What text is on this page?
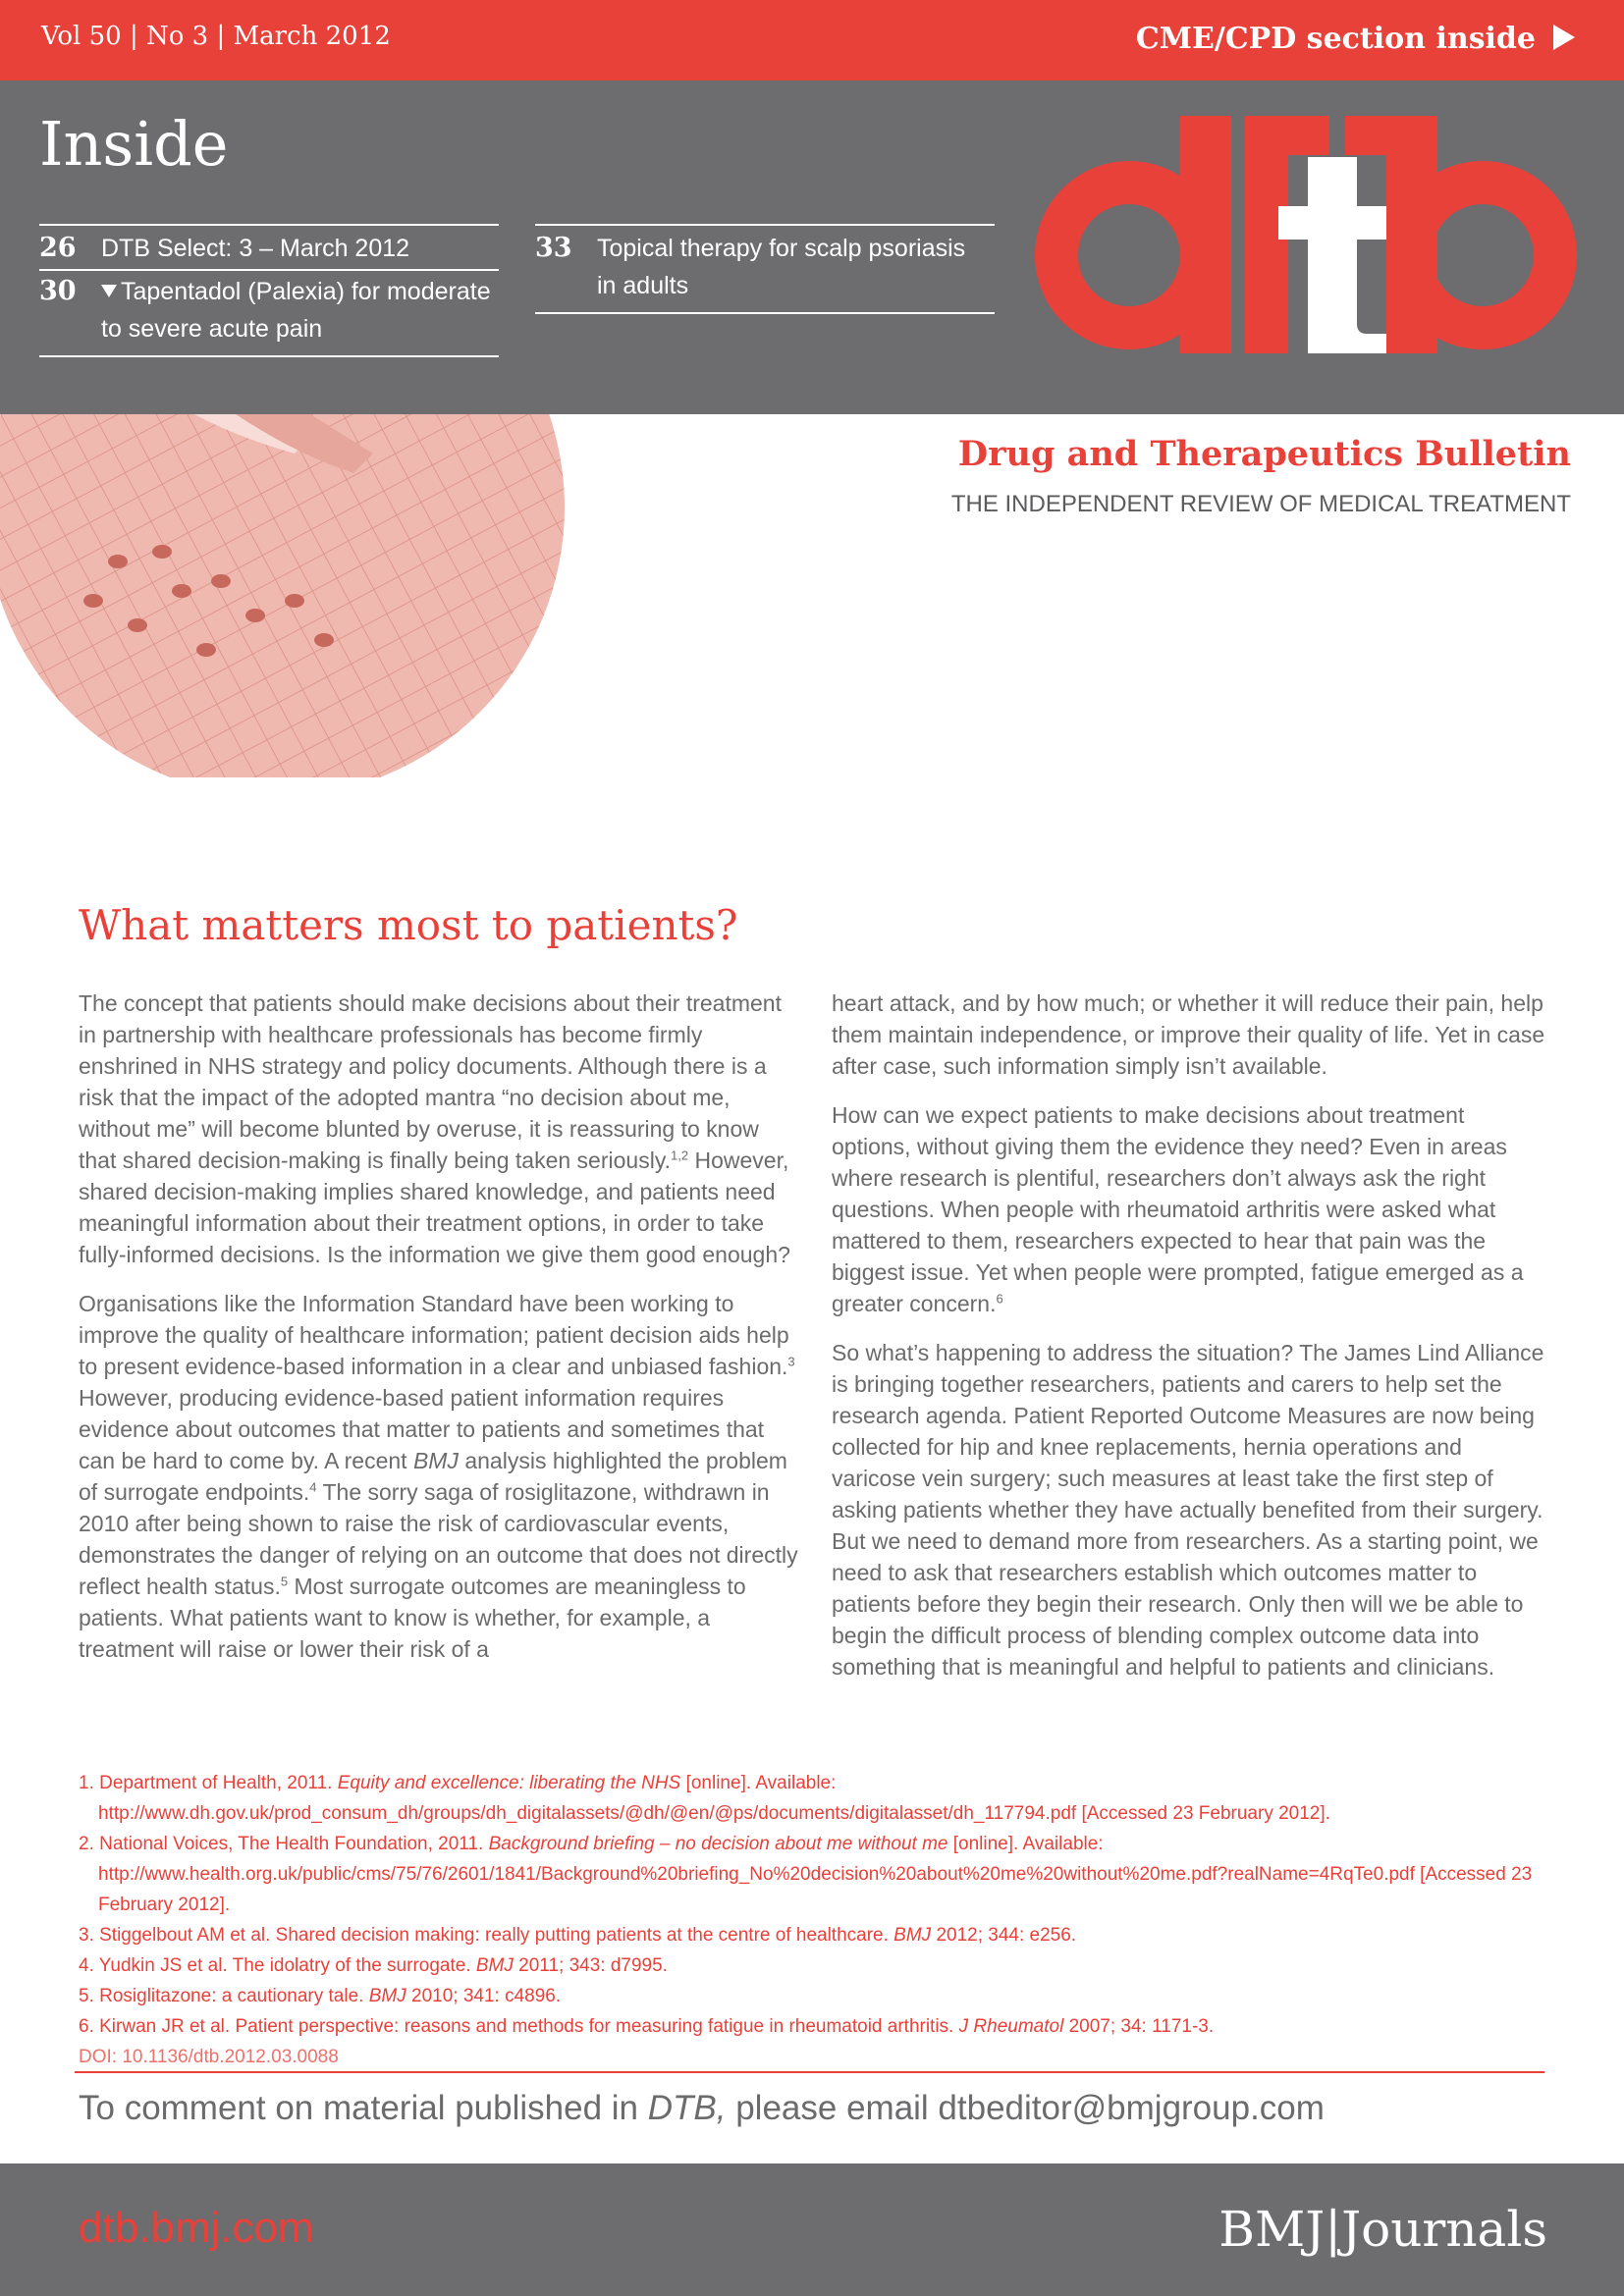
Vol 50 | No 3 | March 2012	CME/CPD section inside
Inside
26 DTB Select: 3 – March 2012
30	Tapentadol (Palexia) for moderate
to severe acute pain
33 Topical therapy for scalp psoriasis
in adults
Drug and Therapeutics Bulletin
THE INDEPENDENT REVIEW OF MEDICAL TREATMENT
What matters most to patients?

The concept that patients should make decisions about their treatment in partnership with healthcare professionals has become firmly enshrined in NHS strategy and policy documents. Although there is a risk that the impact of the adopted mantra “no decision about me, without me” will become blunted by overuse, it is reassuring to know that shared decision-making is finally being taken seriously.$^{1,2}$ However, shared decision-making implies shared knowledge, and patients need meaningful information about their treatment options, in order to take fully-informed decisions. Is the information we give them good enough?

Organisations like the Information Standard have been working to improve the quality of healthcare information; patient decision aids help to present evidence-based information in a clear and unbiased fashion.$^3$ However, producing evidence-based patient information requires evidence about outcomes that matter to patients and sometimes that can be hard to come by. A recent BMJ analysis highlighted the problem of surrogate endpoints.$^4$ The sorry saga of rosiglitazone, withdrawn in 2010 after being shown to raise the risk of cardiovascular events, demonstrates the danger of relying on an outcome that does not directly reflect health status.$^5$ Most surrogate outcomes are meaningless to patients. What patients want to know is whether, for example, a treatment will raise or lower their risk of a

heart attack, and by how much; or whether it will reduce their pain, help them maintain independence, or improve their quality of life. Yet in case after case, such information simply isn’t available.

How can we expect patients to make decisions about treatment options, without giving them the evidence they need? Even in areas where research is plentiful, researchers don’t always ask the right questions. When people with rheumatoid arthritis were asked what mattered to them, researchers expected to hear that pain was the biggest issue. Yet when people were prompted, fatigue emerged as a greater concern.$^6$

So what’s happening to address the situation? The James Lind Alliance is bringing together researchers, patients and carers to help set the research agenda. Patient Reported Outcome Measures are now being collected for hip and knee replacements, hernia operations and varicose vein surgery; such measures at least take the first step of asking patients whether they have actually benefited from their surgery. But we need to demand more from researchers. As a starting point, we need to ask that researchers establish which outcomes matter to patients before they begin their research. Only then will we be able to begin the difficult process of blending complex outcome data into something that is meaningful and helpful to patients and clinicians.

1. Department of Health, 2011. Equity and excellence: liberating the NHS [online]. Available: http://www.dh.gov.uk/prod_consum_dh/groups/dh_digitalassets/@dh/@en/@ps/documents/digitalasset/dh_117794.pdf [Accessed 23 February 2012].
2. National Voices, The Health Foundation, 2011. Background briefing – no decision about me without me [online]. Available: http://www.health.org.uk/public/cms/75/76/2601/1841/Background%20briefing_No%20decision%20about%20me%20without%20me.pdf?realName=4RqTe0.pdf [Accessed 23 February 2012].
3. Stiggelbout AM et al. Shared decision making: really putting patients at the centre of healthcare. BMJ 2012; 344: e256.
4. Yudkin JS et al. The idolatry of the surrogate. BMJ 2011; 343: d7995.
5. Rosiglitazone: a cautionary tale. BMJ 2010; 341: c4896.
6. Kirwan JR et al. Patient perspective: reasons and methods for measuring fatigue in rheumatoid arthritis. J Rheumatol 2007; 34: 1171-3.
DOI: 10.1136/dtb.2012.03.0088
To comment on material published in DTB, please email dtbeditor@bmjgroup.com
dtb.bmj.com	BMJ|Journals
